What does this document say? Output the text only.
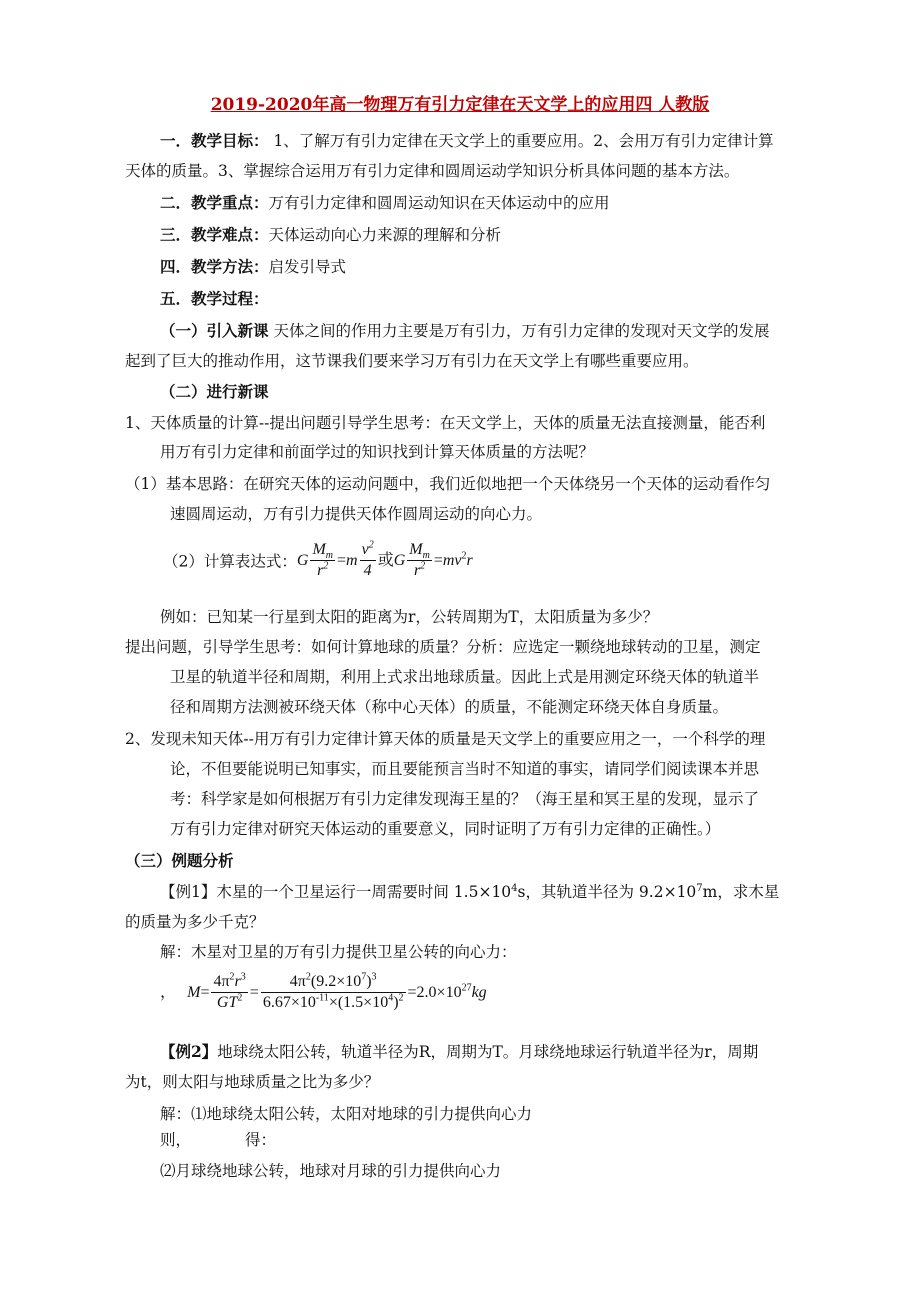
2019-2020年高一物理万有引力定律在天文学上的应用四 人教版
一．教学目标： 1、了解万有引力定律在天文学上的重要应用。2、会用万有引力定律计算
天体的质量。3、掌握综合运用万有引力定律和圆周运动学知识分析具体问题的基本方法。
二．教学重点：万有引力定律和圆周运动知识在天体运动中的应用
三．教学难点：天体运动向心力来源的理解和分析
四．教学方法：启发引导式
五．教学过程：
（一）引入新课 天体之间的作用力主要是万有引力，万有引力定律的发现对天文学的发展
起到了巨大的推动作用，这节课我们要来学习万有引力在天文学上有哪些重要应用。
（二）进行新课
1、天体质量的计算--提出问题引导学生思考：在天文学上，天体的质量无法直接测量，能否利
用万有引力定律和前面学过的知识找到计算天体质量的方法呢？
（1）基本思路：在研究天体的运动问题中，我们近似地把一个天体绕另一个天体的运动看作匀
速圆周运动，万有引力提供天体作圆周运动的向心力。
（2）计算表达式：G $\frac{M_m}{r^2} =m \frac{v^2}{4}$ 或G $\frac{M_m}{r^2} =mv^2r$
例如：已知某一行星到太阳的距离为r，公转周期为T，太阳质量为多少？
提出问题，引导学生思考：如何计算地球的质量？分析：应选定一颗绕地球转动的卫星，测定
卫星的轨道半径和周期，利用上式求出地球质量。因此上式是用测定环绕天体的轨道半
径和周期方法测被环绕天体（称中心天体）的质量，不能测定环绕天体自身质量。
2、发现未知天体--用万有引力定律计算天体的质量是天文学上的重要应用之一，一个科学的理
论，不但要能说明已知事实，而且要能预言当时不知道的事实，请同学们阅读课本并思
考：科学家是如何根据万有引力定律发现海王星的？（海王星和冥王星的发现，显示了
万有引力定律对研究天体运动的重要意义，同时证明了万有引力定律的正确性。）
（三）例题分析
【例1】木星的一个卫星运行一周需要时间 $1.5\times 10^4s$，其轨道半径为 $9.2\times 10^7m$，求木星
的质量为多少千克？
解：木星对卫星的万有引力提供卫星公转的向心力：
， $M= \frac{4\pi^2r^3}{GT^2} = \frac{4\pi^2(9.2\times 10^7)^3}{6.67\times 10^{-11}\times(1.5\times 10^4)^2} =2.0\times 10^{27}kg$
【例2】地球绕太阳公转，轨道半径为R，周期为T。月球绕地球运行轨道半径为r，周期
为t，则太阳与地球质量之比为多少？
解：⑴地球绕太阳公转，太阳对地球的引力提供向心力
则，	得：
⑵月球绕地球公转，地球对月球的引力提供向心力
